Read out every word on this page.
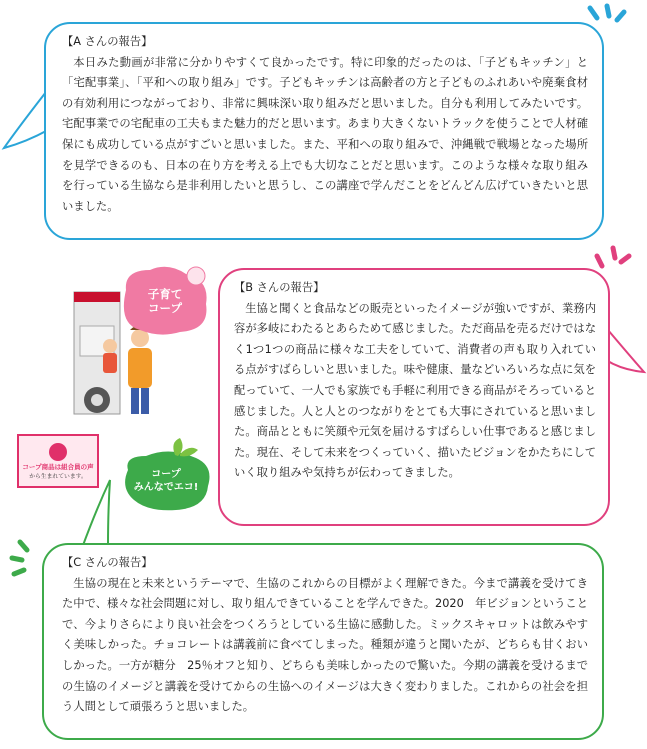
子育て
コープ
コープ商品は組合員の声
から生まれています。	コープ
みんなでエコ!
【A さんの報告】
本日みた動画が非常に分かりやすくて良かったです。特に印象的だったのは、「子どもキッチン」と「宅配事業」、「平和への取り組み」です。子どもキッチンは高齢者の方と子どものふれあいや廃棄食材の有効利用につながっており、非常に興味深い取り組みだと思いました。自分も利用してみたいです。宅配事業での宅配車の工夫もまた魅力的だと思います。あまり大きくないトラックを使うことで人材確保にも成功している点がすごいと思いました。また、平和への取り組みで、沖縄戦で戦場となった場所を見学できるのも、日本の在り方を考える上でも大切なことだと思います。このような様々な取り組みを行っている生協なら是非利用したいと思うし、この講座で学んだことをどんどん広げていきたいと思いました。
【B さんの報告】
生協と聞くと食品などの販売といったイメージが強いですが、業務内容が多岐にわたるとあらためて感じました。ただ商品を売るだけではなく1つ1つの商品に様々な工夫をしていて、消費者の声も取り入れている点がすばらしいと思いました。味や健康、量などいろいろな点に気を配っていて、一人でも家族でも手軽に利用できる商品がそろっていると感じました。人と人とのつながりをとても大事にされていると思いました。商品とともに笑顔や元気を届けるすばらしい仕事であると感じました。現在、そして未来をつくっていく、描いたビジョンをかたちにしていく取り組みや気持ちが伝わってきました。
【C さんの報告】
生協の現在と未来というテーマで、生協のこれからの目標がよく理解できた。今まで講義を受けてきた中で、様々な社会問題に対し、取り組んできていることを学んできた。2020　年ビジョンということで、今よりさらにより良い社会をつくろうとしている生協に感動した。ミックスキャロットは飲みやすく美味しかった。チョコレートは講義前に食べてしまった。種類が違うと聞いたが、どちらも甘くおいしかった。一方が糖分　25％オフと知り、どちらも美味しかったので驚いた。今期の講義を受けるまでの生協のイメージと講義を受けてからの生協へのイメージは大きく変わりました。これからの社会を担う人間として頑張ろうと思いました。
